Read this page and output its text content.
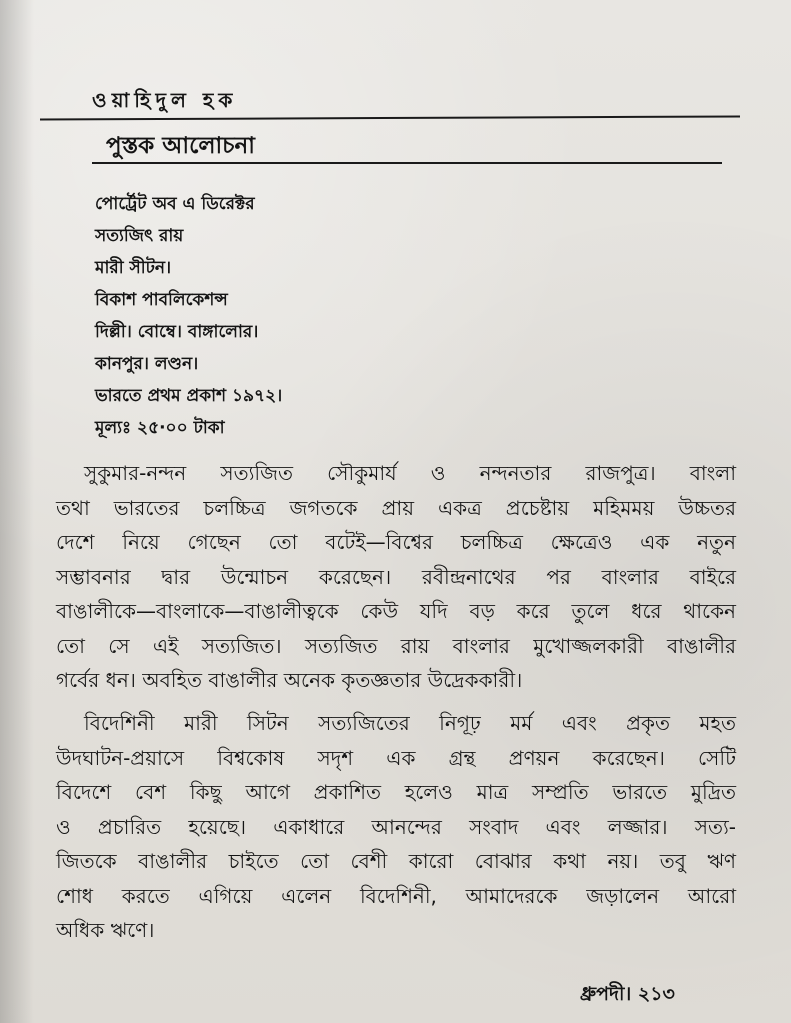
ওয়াহিদুল হক
পুস্তক আলোচনা
পোর্ট্রেট অব এ ডিরেক্টর
সত্যজিৎ রায়
মারী সীটন।
বিকাশ পাবলিকেশন্স
দিল্লী। বোম্বে। বাঙ্গালোর।
কানপুর। লণ্ডন।
ভারতে প্রথম প্রকাশ ১৯৭২।
মূল্যঃ ২৫·০০ টাকা
সুকুমার-নন্দন সত্যজিত সৌকুমার্য ও নন্দনতার রাজপুত্র। বাংলা
তথা ভারতের চলচ্চিত্র জগতকে প্রায় একত্র প্রচেষ্টায় মহিমময় উচ্চতর
দেশে নিয়ে গেছেন তো বটেই—বিশ্বের চলচ্চিত্র ক্ষেত্রেও এক নতুন
সম্ভাবনার দ্বার উন্মোচন করেছেন। রবীন্দ্রনাথের পর বাংলার বাইরে
বাঙালীকে—বাংলাকে—বাঙালীত্বকে কেউ যদি বড় করে তুলে ধরে থাকেন
তো সে এই সত্যজিত। সত্যজিত রায় বাংলার মুখোজ্জলকারী বাঙালীর
গর্বের ধন। অবহিত বাঙালীর অনেক কৃতজ্ঞতার উদ্রেককারী।
বিদেশিনী মারী সিটন সত্যজিতের নিগূঢ় মর্ম এবং প্রকৃত মহত
উদঘাটন-প্রয়াসে বিশ্বকোষ সদৃশ এক গ্রন্থ প্রণয়ন করেছেন। সেটি
বিদেশে বেশ কিছু আগে প্রকাশিত হলেও মাত্র সম্প্রতি ভারতে মুদ্রিত
ও প্রচারিত হয়েছে। একাধারে আনন্দের সংবাদ এবং লজ্জার। সত্য-
জিতকে বাঙালীর চাইতে তো বেশী কারো বোঝার কথা নয়। তবু ঋণ
শোধ করতে এগিয়ে এলেন বিদেশিনী, আমাদেরকে জড়ালেন আরো
অধিক ঋণে।
ধ্রুপদী। ২১৩
